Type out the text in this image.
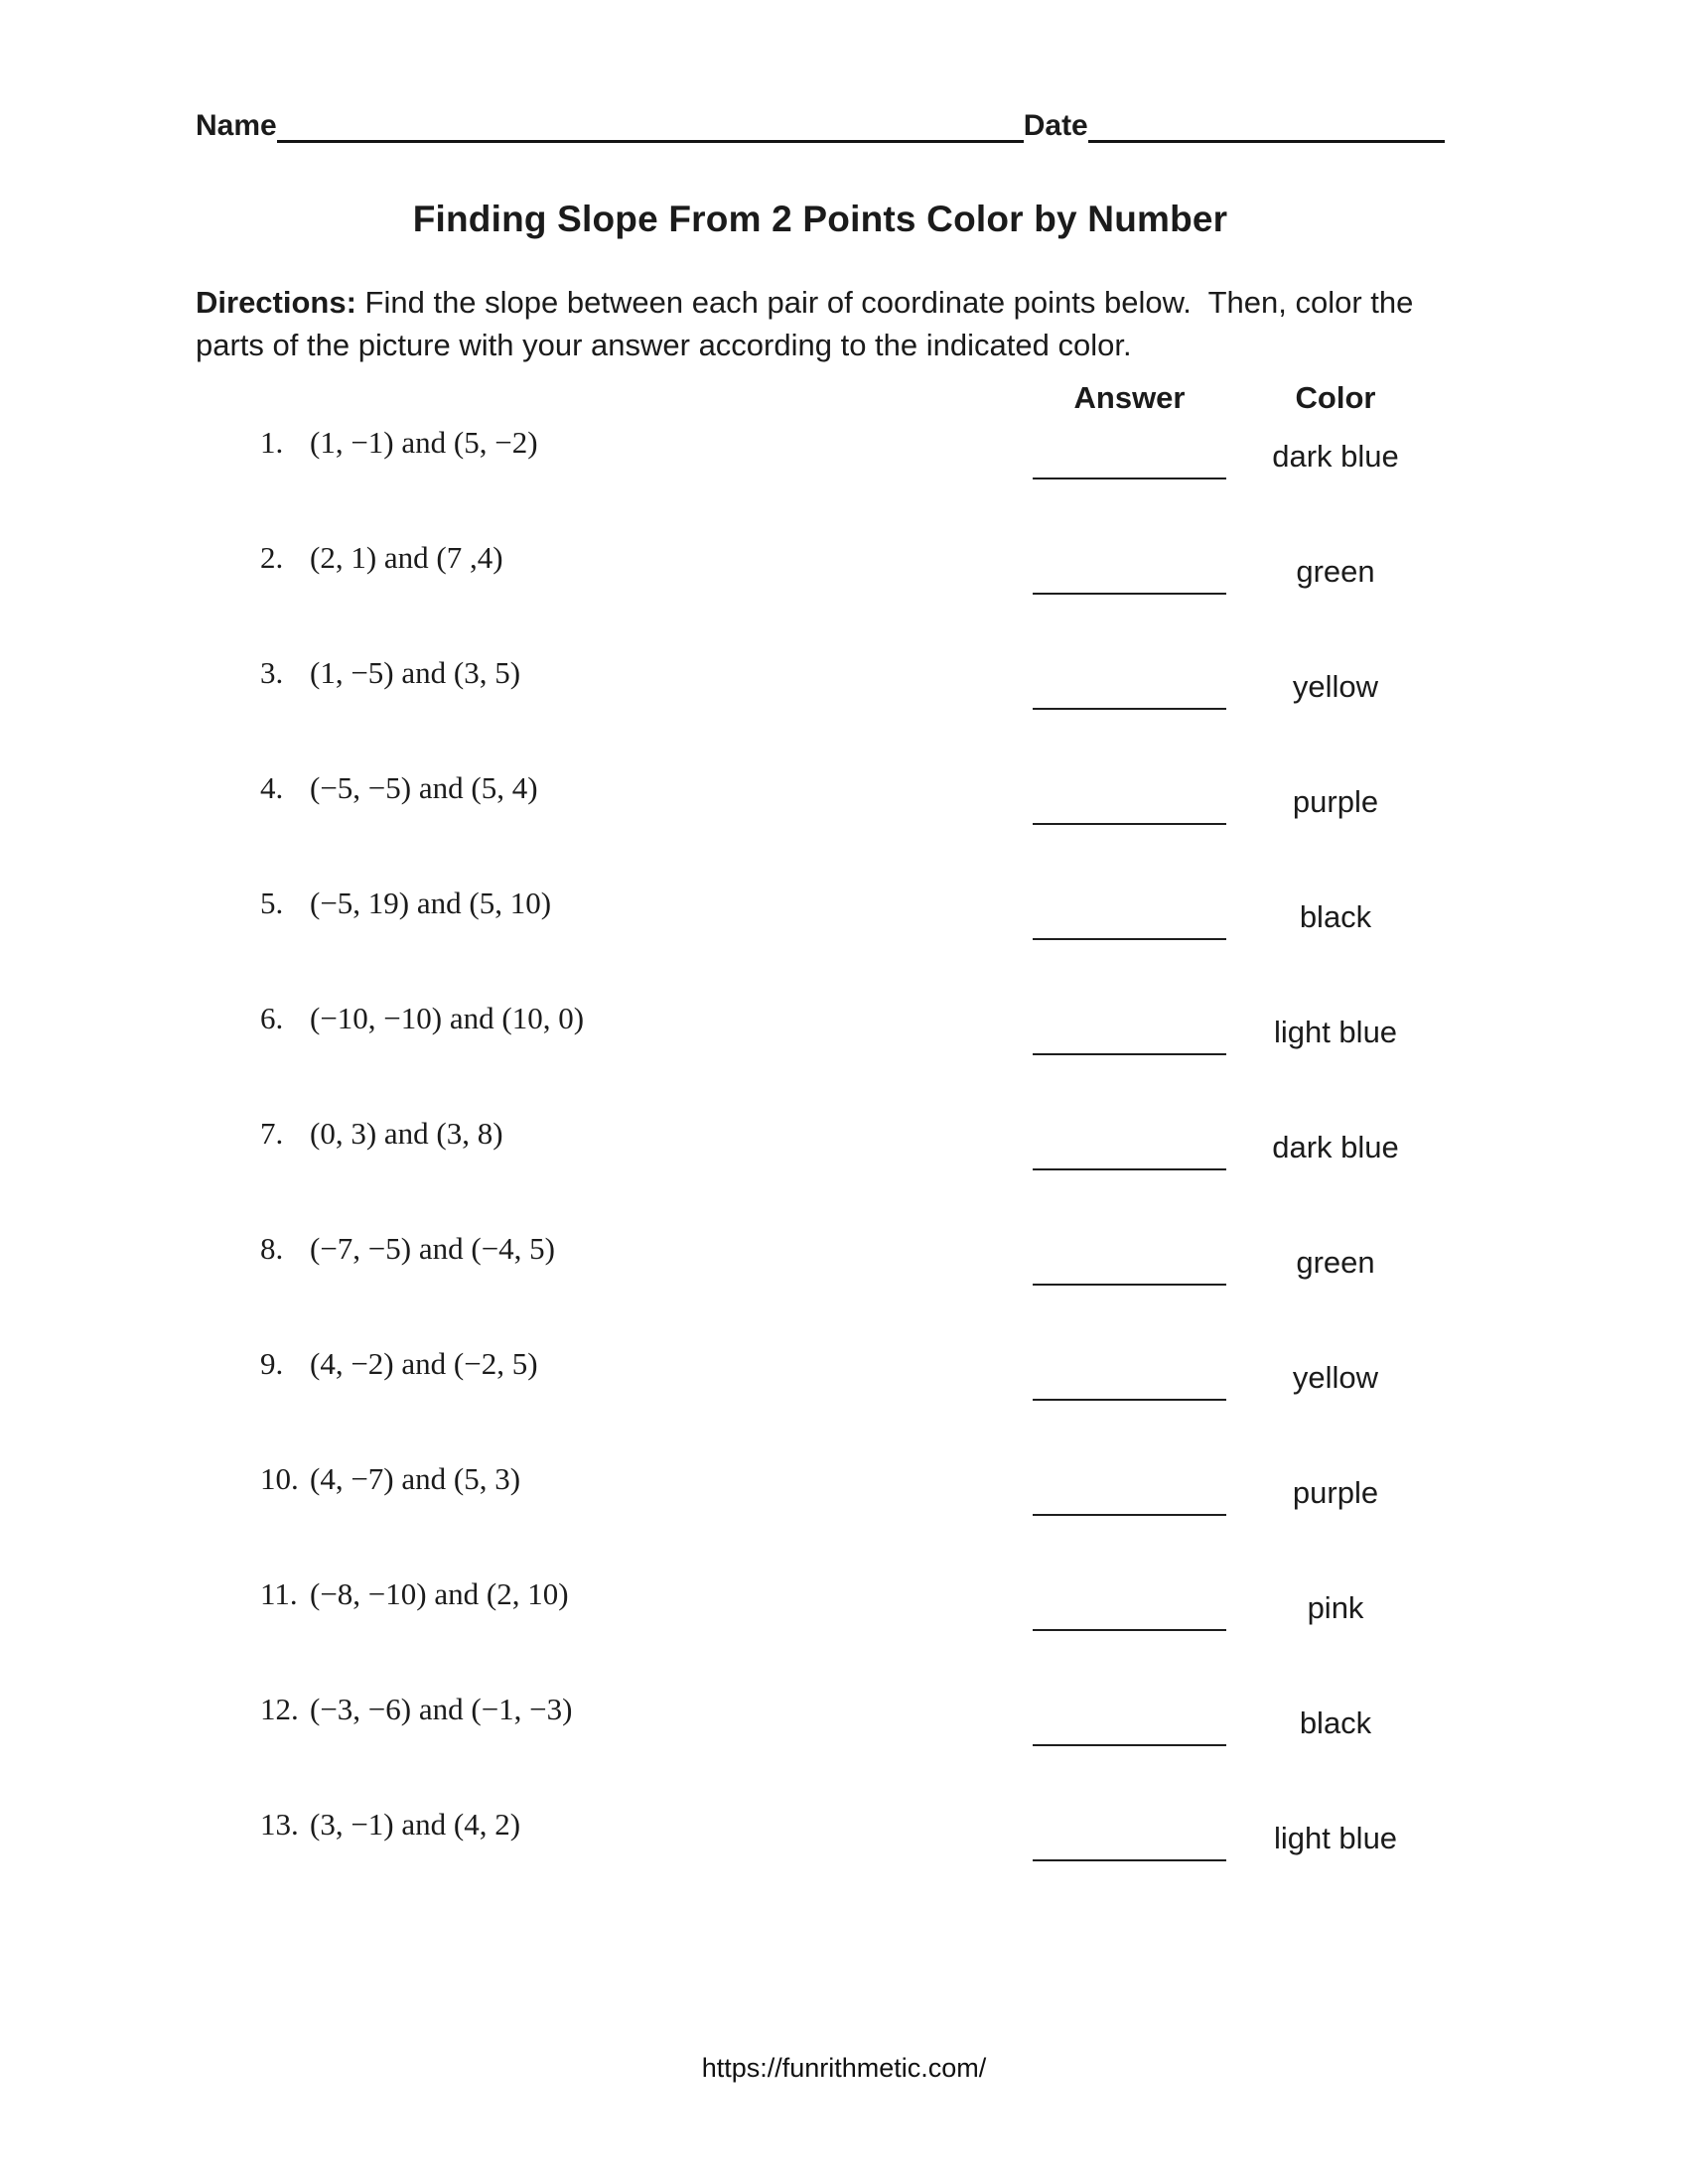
Name	Date
Finding Slope From 2 Points Color by Number
Directions: Find the slope between each pair of coordinate points below.  Then, color the parts of the picture with your answer according to the indicated color.
Answer	Color
1. (1, −1) and (5, −2)	dark blue
2. (2, 1) and (7 ,4)	green
3. (1, −5) and (3, 5)	yellow
4. (−5, −5) and (5, 4)	purple
5. (−5, 19) and (5, 10)	black
6. (−10, −10) and (10, 0)	light blue
7. (0, 3) and (3, 8)	dark blue
8. (−7, −5) and (−4, 5)	green
9. (4, −2) and (−2, 5)	yellow
10. (4, −7) and (5, 3)	purple
11. (−8, −10) and (2, 10)	pink
12. (−3, −6) and (−1, −3)	black
13. (3, −1) and (4, 2)	light blue
https://funrithmetic.com/
